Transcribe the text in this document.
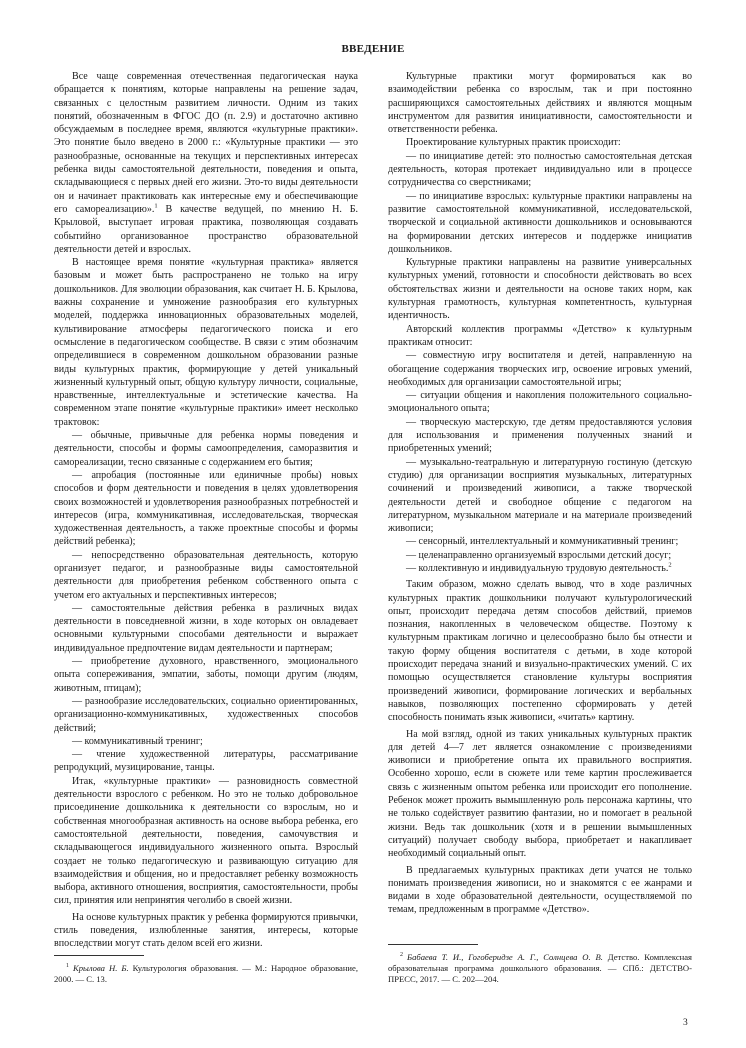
ВВЕДЕНИЕ

Все чаще современная отечественная педагогическая наука обращается к понятиям, которые направлены на решение задач, связанных с целостным развитием личности. Одним из таких понятий, обозначенным в ФГОС ДО (п. 2.9) и достаточно активно обсуждаемым в последнее время, являются «культурные практики». Это понятие было введено в 2000 г.: «Культурные практики — это разнообразные, основанные на текущих и перспективных интересах ребенка виды самостоятельной деятельности, поведения и опыта, складывающиеся с первых дней его жизни. Это-то виды деятельности он и начинает практиковать как интересные ему и обеспечивающие его самореализацию».$^1$ В качестве ведущей, по мнению Н. Б. Крыловой, выступает игровая практика, позволяющая создавать событийно организованное пространство образовательной деятельности детей и взрослых.

В настоящее время понятие «культурная практика» является базовым и может быть распространено не только на игру дошкольников. Для эволюции образования, как считает Н. Б. Крылова, важны сохранение и умножение разнообразия его культурных моделей, поддержка инновационных образовательных моделей, культивирование атмосферы педагогического поиска и его осмысление в педагогическом сообществе. В связи с этим обозначим определившиеся в современном дошкольном образовании разные виды культурных практик, формирующие у детей уникальный жизненный культурный опыт, общую культуру личности, социальные, нравственные, интеллектуальные и эстетические качества. На современном этапе понятие «культурные практики» имеет несколько трактовок:

— обычные, привычные для ребенка нормы поведения и деятельности, способы и формы самоопределения, саморазвития и самореализации, тесно связанные с содержанием его бытия;

— апробация (постоянные или единичные пробы) новых способов и форм деятельности и поведения в целях удовлетворения своих возможностей и удовлетворения разнообразных потребностей и интересов (игра, коммуникативная, исследовательская, творческая художественная деятельность, а также проектные способы и формы действий ребенка);

— непосредственно образовательная деятельность, которую организует педагог, и разнообразные виды самостоятельной деятельности для приобретения ребенком собственного опыта с учетом его актуальных и перспективных интересов;

— самостоятельные действия ребенка в различных видах деятельности в повседневной жизни, в ходе которых он овладевает основными культурными способами деятельности и выражает индивидуальное предпочтение видам деятельности и партнерам;

— приобретение духовного, нравственного, эмоционального опыта сопереживания, эмпатии, заботы, помощи другим (людям, животным, птицам);

— разнообразие исследовательских, социально ориентированных, организационно-коммуникативных, художественных способов действий;

— коммуникативный тренинг;

— чтение художественной литературы, рассматривание репродукций, музицирование, танцы.

Итак, «культурные практики» — разновидность совместной деятельности взрослого с ребенком. Но это не только добровольное присоединение дошкольника к деятельности со взрослым, но и собственная многообразная активность на основе выбора ребенка, его самостоятельной деятельности, поведения, самочувствия и складывающегося индивидуального жизненного опыта. Взрослый создает не только педагогическую и развивающую ситуацию для взаимодействия и общения, но и предоставляет ребенку возможность выбора, активного отношения, восприятия, самостоятельности, пробы сил, принятия или непринятия чеголибо в своей жизни.

На основе культурных практик у ребенка формируются привычки, стиль поведения, излюбленные занятия, интересы, которые впоследствии могут стать делом всей его жизни.

Культурные практики могут формироваться как во взаимодействии ребенка со взрослым, так и при постоянно расширяющихся самостоятельных действиях и являются мощным инструментом для развития инициативности, самостоятельности и ответственности ребенка.

Проектирование культурных практик происходит:

— по инициативе детей: это полностью самостоятельная детская деятельность, которая протекает индивидуально или в процессе сотрудничества со сверстниками;

— по инициативе взрослых: культурные практики направлены на развитие самостоятельной коммуникативной, исследовательской, творческой и социальной активности дошкольников и основываются на формировании детских интересов и поддержке инициатив дошкольников.

Культурные практики направлены на развитие универсальных культурных умений, готовности и способности действовать во всех обстоятельствах жизни и деятельности на основе таких норм, как культурная грамотность, культурная компетентность, культурная идентичность.

Авторский коллектив программы «Детство» к культурным практикам относит:

— совместную игру воспитателя и детей, направленную на обогащение содержания творческих игр, освоение игровых умений, необходимых для организации самостоятельной игры;

— ситуации общения и накопления положительного социально-эмоционального опыта;

— творческую мастерскую, где детям предоставляются условия для использования и применения полученных знаний и приобретенных умений;

— музыкально-театральную и литературную гостиную (детскую студию) для организации восприятия музыкальных, литературных сочинений и произведений живописи, а также творческой деятельности детей и свободное общение с педагогом на литературном, музыкальном материале и на материале произведений живописи;

— сенсорный, интеллектуальный и коммуникативный тренинг;

— целенаправленно организуемый взрослыми детский досуг;

— коллективную и индивидуальную трудовую деятельность.$^2$

Таким образом, можно сделать вывод, что в ходе различных культурных практик дошкольники получают культурологический опыт, происходит передача детям способов действий, приемов познания, накопленных в человеческом обществе. Поэтому к культурным практикам логично и целесообразно было бы отнести и такую форму общения воспитателя с детьми, в ходе которой происходит передача знаний и визуально-практических умений. С их помощью осуществляется становление культуры восприятия произведений живописи, формирование логических и вербальных навыков, позволяющих постепенно сформировать у детей способность понимать язык живописи, «читать» картину.

На мой взгляд, одной из таких уникальных культурных практик для детей 4—7 лет является ознакомление с произведениями живописи и приобретение опыта их правильного восприятия. Особенно хорошо, если в сюжете или теме картин прослеживается связь с жизненным опытом ребенка или происходит его пополнение. Ребенок может прожить вымышленную роль персонажа картины, что не только содействует развитию фантазии, но и помогает в реальной жизни. Ведь так дошкольник (хотя и в решении вымышленных ситуаций) получает свободу выбора, приобретает и накапливает необходимый социальный опыт.

В предлагаемых культурных практиках дети учатся не только понимать произведения живописи, но и знакомятся с ее жанрами и видами в ходе образовательной деятельности, осуществляемой по темам, предложенным в программе «Детство».

$^1$ Крылова Н. Б. Культурология образования. — М.: Народное образование, 2000. — С. 13.
$^2$ Бабаева Т. И., Гогоберидзе А. Г., Солнцева О. В. Детство. Комплексная образовательная программа дошкольного образования. — СПб.: ДЕТСТВО-ПРЕСС, 2017. — С. 202—204.
3
